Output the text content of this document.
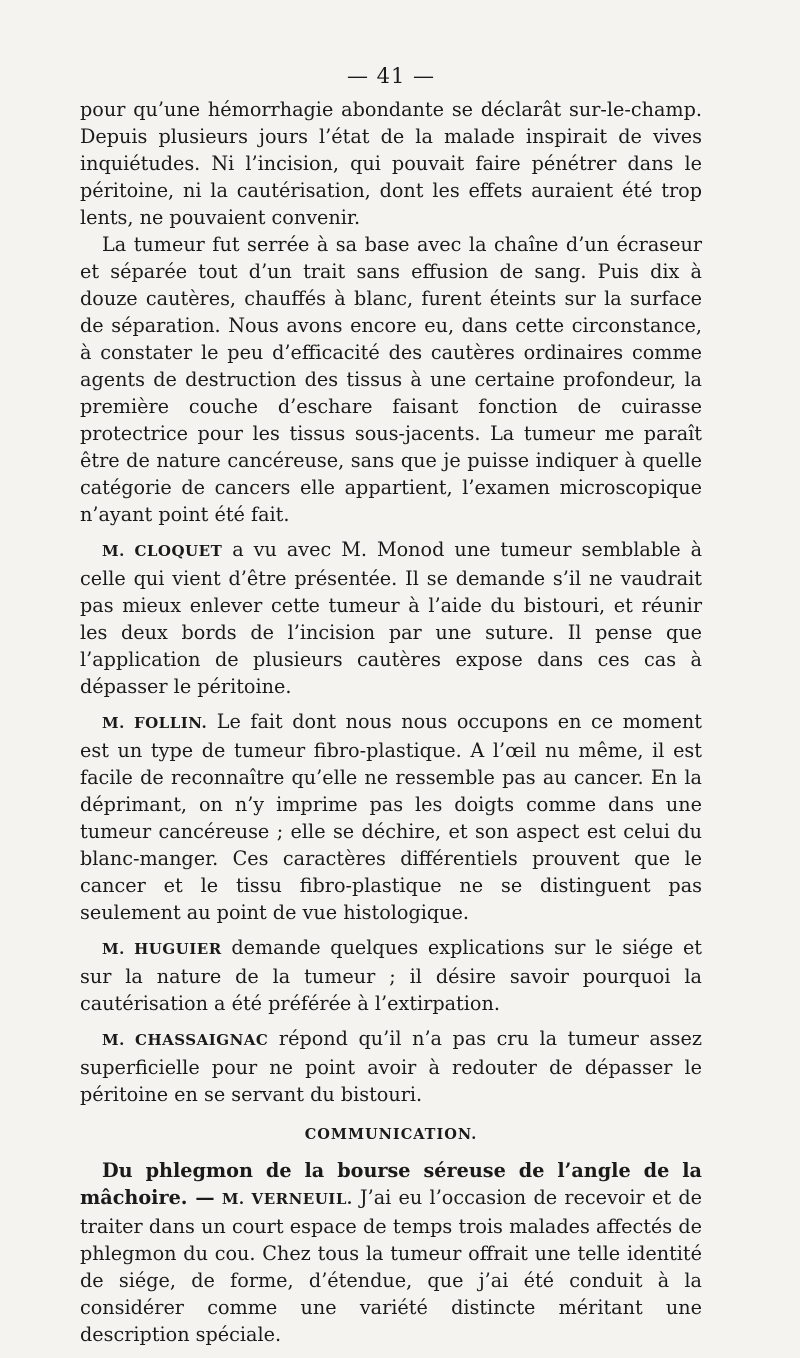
— 41 —

pour qu’une hémorrhagie abondante se déclarât sur-le-champ. Depuis plusieurs jours l’état de la malade inspirait de vives inquiétudes. Ni l’incision, qui pouvait faire pénétrer dans le péritoine, ni la cautérisation, dont les effets auraient été trop lents, ne pouvaient convenir.

La tumeur fut serrée à sa base avec la chaîne d’un écraseur et séparée tout d’un trait sans effusion de sang. Puis dix à douze cautères, chauffés à blanc, furent éteints sur la surface de séparation. Nous avons encore eu, dans cette circonstance, à constater le peu d’efficacité des cautères ordinaires comme agents de destruction des tissus à une certaine profondeur, la première couche d’eschare faisant fonction de cuirasse protectrice pour les tissus sous-jacents. La tumeur me paraît être de nature cancéreuse, sans que je puisse indiquer à quelle catégorie de cancers elle appartient, l’examen microscopique n’ayant point été fait.

M. CLOQUET a vu avec M. Monod une tumeur semblable à celle qui vient d’être présentée. Il se demande s’il ne vaudrait pas mieux enlever cette tumeur à l’aide du bistouri, et réunir les deux bords de l’incision par une suture. Il pense que l’application de plusieurs cautères expose dans ces cas à dépasser le péritoine.

M. FOLLIN. Le fait dont nous nous occupons en ce moment est un type de tumeur fibro-plastique. A l’œil nu même, il est facile de reconnaître qu’elle ne ressemble pas au cancer. En la déprimant, on n’y imprime pas les doigts comme dans une tumeur cancéreuse ; elle se déchire, et son aspect est celui du blanc-manger. Ces caractères différentiels prouvent que le cancer et le tissu fibro-plastique ne se distinguent pas seulement au point de vue histologique.

M. HUGUIER demande quelques explications sur le siége et sur la nature de la tumeur ; il désire savoir pourquoi la cautérisation a été préférée à l’extirpation.

M. CHASSAIGNAC répond qu’il n’a pas cru la tumeur assez superficielle pour ne point avoir à redouter de dépasser le péritoine en se servant du bistouri.

COMMUNICATION.

Du phlegmon de la bourse séreuse de l’angle de la mâchoire. — M. VERNEUIL. J’ai eu l’occasion de recevoir et de traiter dans un court espace de temps trois malades affectés de phlegmon du cou. Chez tous la tumeur offrait une telle identité de siége, de forme, d’étendue, que j’ai été conduit à la considérer comme une variété distincte méritant une description spéciale.
